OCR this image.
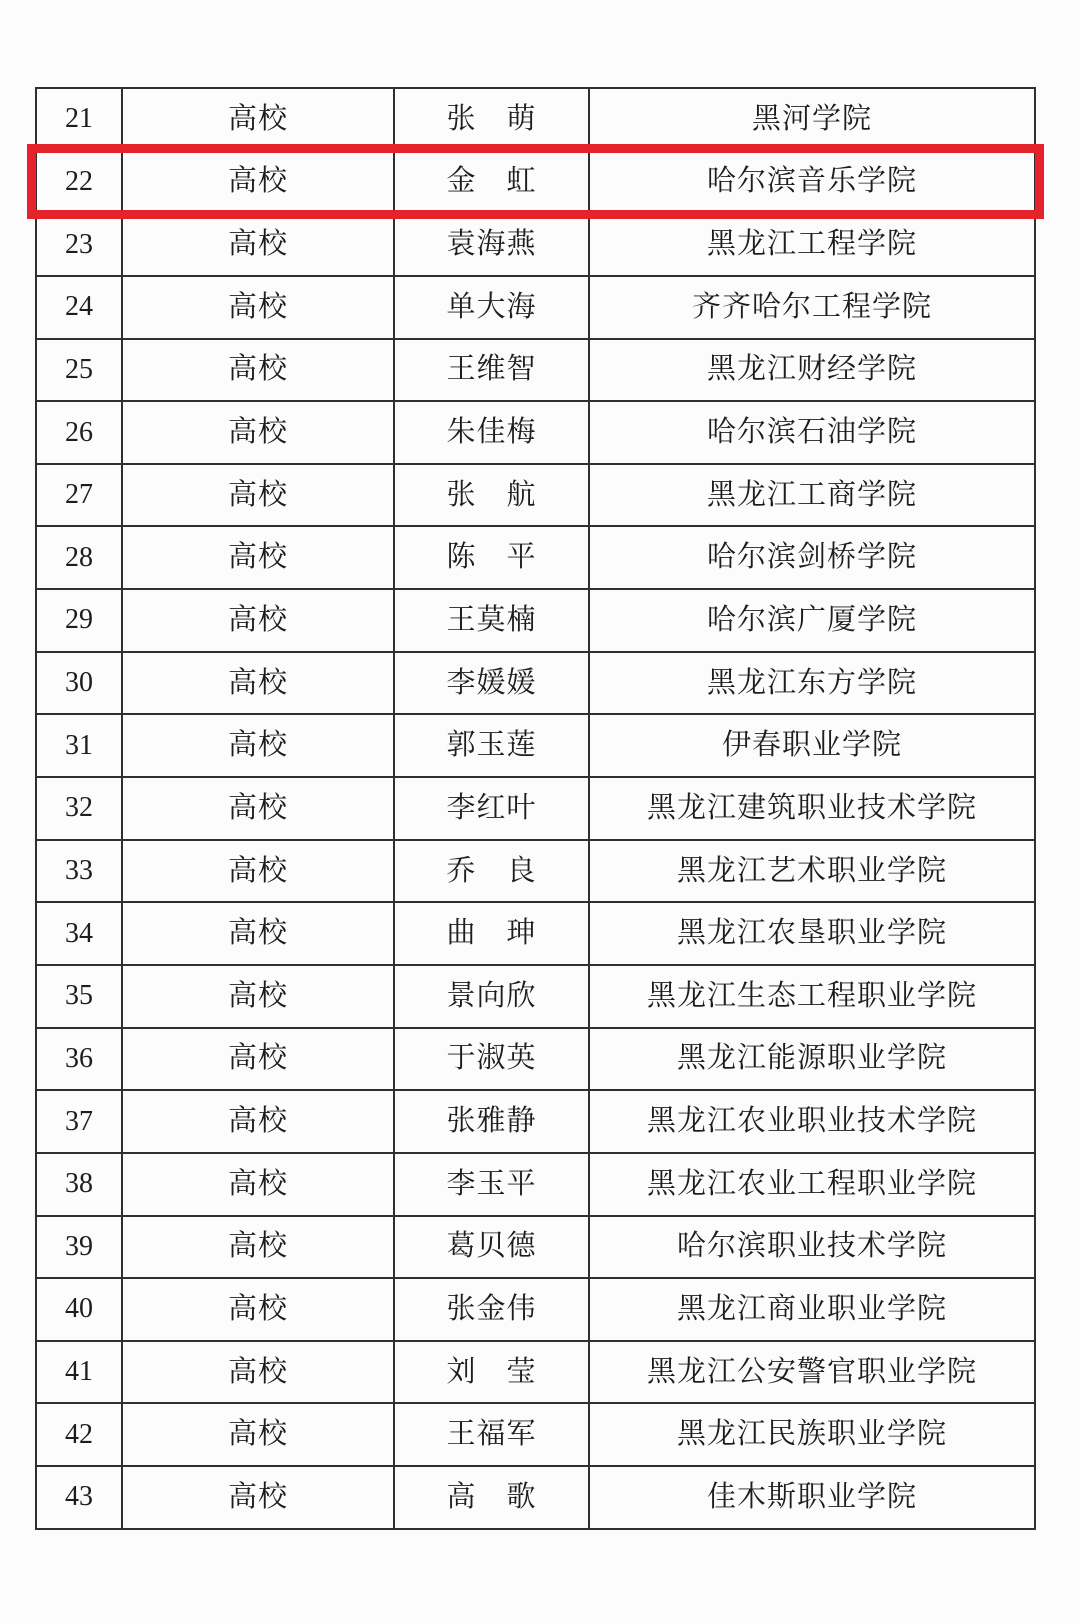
21	高校	张　萌	黑河学院
22	高校	金　虹	哈尔滨音乐学院
23	高校	袁海燕	黑龙江工程学院
24	高校	单大海	齐齐哈尔工程学院
25	高校	王维智	黑龙江财经学院
26	高校	朱佳梅	哈尔滨石油学院
27	高校	张　航	黑龙江工商学院
28	高校	陈　平	哈尔滨剑桥学院
29	高校	王莫楠	哈尔滨广厦学院
30	高校	李媛媛	黑龙江东方学院
31	高校	郭玉莲	伊春职业学院
32	高校	李红叶	黑龙江建筑职业技术学院
33	高校	乔　良	黑龙江艺术职业学院
34	高校	曲　珅	黑龙江农垦职业学院
35	高校	景向欣	黑龙江生态工程职业学院
36	高校	于淑英	黑龙江能源职业学院
37	高校	张雅静	黑龙江农业职业技术学院
38	高校	李玉平	黑龙江农业工程职业学院
39	高校	葛贝德	哈尔滨职业技术学院
40	高校	张金伟	黑龙江商业职业学院
41	高校	刘　莹	黑龙江公安警官职业学院
42	高校	王福军	黑龙江民族职业学院
43	高校	高　歌	佳木斯职业学院
